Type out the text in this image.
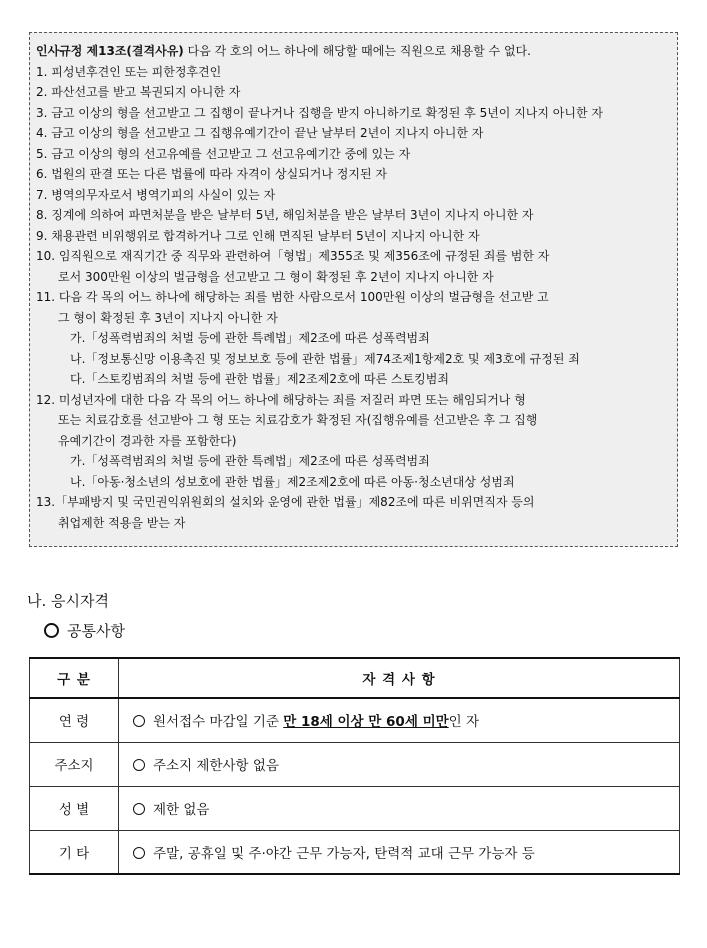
인사규정 제13조(결격사유) 다음 각 호의 어느 하나에 해당할 때에는 직원으로 채용할 수 없다.

1. 피성년후견인 또는 피한정후견인

2. 파산선고를 받고 복권되지 아니한 자

3. 금고 이상의 형을 선고받고 그 집행이 끝나거나 집행을 받지 아니하기로 확정된 후 5년이 지나지 아니한 자

4. 금고 이상의 형을 선고받고 그 집행유예기간이 끝난 날부터 2년이 지나지 아니한 자

5. 금고 이상의 형의 선고유예를 선고받고 그 선고유예기간 중에 있는 자

6. 법원의 판결 또는 다른 법률에 따라 자격이 상실되거나 정지된 자

7. 병역의무자로서 병역기피의 사실이 있는 자

8. 징계에 의하여 파면처분을 받은 날부터 5년, 해임처분을 받은 날부터 3년이 지나지 아니한 자

9. 채용관련 비위행위로 합격하거나 그로 인해 면직된 날부터 5년이 지나지 아니한 자

10. 임직원으로 재직기간 중 직무와 관련하여「형법」제355조 및 제356조에 규정된 죄를 범한 자

로서 300만원 이상의 벌금형을 선고받고 그 형이 확정된 후 2년이 지나지 아니한 자

11. 다음 각 목의 어느 하나에 해당하는 죄를 범한 사람으로서 100만원 이상의 벌금형을 선고받 고

그 형이 확정된 후 3년이 지나지 아니한 자

가.「성폭력범죄의 처벌 등에 관한 특례법」제2조에 따른 성폭력범죄

나.「정보통신망 이용촉진 및 정보보호 등에 관한 법률」제74조제1항제2호 및 제3호에 규정된 죄

다.「스토킹범죄의 처벌 등에 관한 법률」제2조제2호에 따른 스토킹범죄

12. 미성년자에 대한 다음 각 목의 어느 하나에 해당하는 죄를 저질러 파면 또는 해임되거나 형

또는 치료감호를 선고받아 그 형 또는 치료감호가 확정된 자(집행유예를 선고받은 후 그 집행

유예기간이 경과한 자를 포함한다)

가.「성폭력범죄의 처벌 등에 관한 특례법」제2조에 따른 성폭력범죄

나.「아동·청소년의 성보호에 관한 법률」제2조제2호에 따른 아동·청소년대상 성범죄

13.「부패방지 및 국민권익위원회의 설치와 운영에 관한 법률」제82조에 따른 비위면직자 등의

취업제한 적용을 받는 자

나. 응시자격
공통사항
구 분	자 격 사 항
연 령	원서접수 마감일 기준 만 18세 이상 만 60세 미만인 자
주소지	주소지 제한사항 없음
성 별	제한 없음
기 타	주말, 공휴일 및 주·야간 근무 가능자, 탄력적 교대 근무 가능자 등
